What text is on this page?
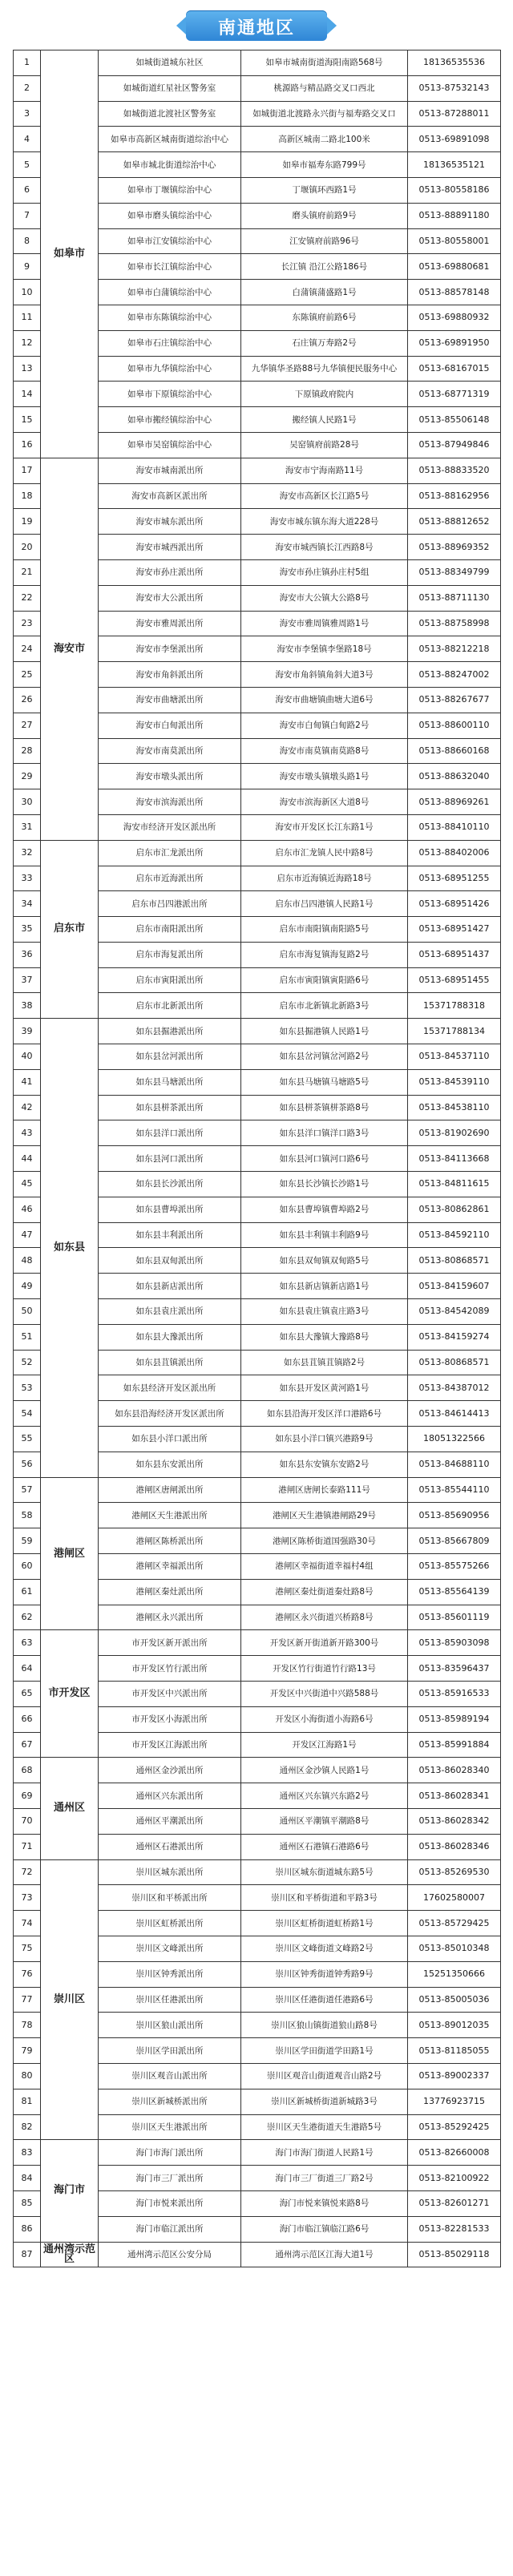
南通地区
1	如皋市	如城街道城东社区	如皋市城南街道海阳南路568号	18136535536
2		如城街道红星社区警务室	桃源路与精品路交叉口西北	0513-87532143
3		如城街道北渡社区警务室	如城街道北渡路永兴街与福寿路交叉口	0513-87288011
4		如皋市高新区城南街道综治中心	高新区城南二路北100米	0513-69891098
5		如皋市城北街道综治中心	如皋市福寿东路799号	18136535121
6		如皋市丁堰镇综治中心	丁堰镇环西路1号	0513-80558186
7		如皋市磨头镇综治中心	磨头镇府前路9号	0513-88891180
8		如皋市江安镇综治中心	江安镇府前路96号	0513-80558001
9		如皋市长江镇综治中心	长江镇 沿江公路186号	0513-69880681
10		如皋市白蒲镇综治中心	白蒲镇蒲盛路1号	0513-88578148
11		如皋市东陈镇综治中心	东陈镇府前路6号	0513-69880932
12		如皋市石庄镇综治中心	石庄镇万寿路2号	0513-69891950
13		如皋市九华镇综治中心	九华镇华圣路88号九华镇便民服务中心	0513-68167015
14		如皋市下原镇综治中心	下原镇政府院内	0513-68771319
15		如皋市搬经镇综治中心	搬经镇人民路1号	0513-85506148
16		如皋市吴窑镇综治中心	吴窑镇府前路28号	0513-87949846
17	海安市	海安市城南派出所	海安市宁海南路11号	0513-88833520
18		海安市高新区派出所	海安市高新区长江路5号	0513-88162956
19		海安市城东派出所	海安市城东镇东海大道228号	0513-88812652
20		海安市城西派出所	海安市城西镇长江西路8号	0513-88969352
21		海安市孙庄派出所	海安市孙庄镇孙庄村5组	0513-88349799
22		海安市大公派出所	海安市大公镇大公路8号	0513-88711130
23		海安市雅周派出所	海安市雅周镇雅周路1号	0513-88758998
24		海安市李堡派出所	海安市李堡镇李堡路18号	0513-88212218
25		海安市角斜派出所	海安市角斜镇角斜大道3号	0513-88247002
26		海安市曲塘派出所	海安市曲塘镇曲塘大道6号	0513-88267677
27		海安市白甸派出所	海安市白甸镇白甸路2号	0513-88600110
28		海安市南莫派出所	海安市南莫镇南莫路8号	0513-88660168
29		海安市墩头派出所	海安市墩头镇墩头路1号	0513-88632040
30		海安市滨海派出所	海安市滨海新区大道8号	0513-88969261
31		海安市经济开发区派出所	海安市开发区长江东路1号	0513-88410110
32	启东市	启东市汇龙派出所	启东市汇龙镇人民中路8号	0513-88402006
33		启东市近海派出所	启东市近海镇近海路18号	0513-68951255
34		启东市吕四港派出所	启东市吕四港镇人民路1号	0513-68951426
35		启东市南阳派出所	启东市南阳镇南阳路5号	0513-68951427
36		启东市海复派出所	启东市海复镇海复路2号	0513-68951437
37		启东市寅阳派出所	启东市寅阳镇寅阳路6号	0513-68951455
38		启东市北新派出所	启东市北新镇北新路3号	15371788318
39	如东县	如东县掘港派出所	如东县掘港镇人民路1号	15371788134
40		如东县岔河派出所	如东县岔河镇岔河路2号	0513-84537110
41		如东县马塘派出所	如东县马塘镇马塘路5号	0513-84539110
42		如东县栟茶派出所	如东县栟茶镇栟茶路8号	0513-84538110
43		如东县洋口派出所	如东县洋口镇洋口路3号	0513-81902690
44		如东县河口派出所	如东县河口镇河口路6号	0513-84113668
45		如东县长沙派出所	如东县长沙镇长沙路1号	0513-84811615
46		如东县曹埠派出所	如东县曹埠镇曹埠路2号	0513-80862861
47		如东县丰利派出所	如东县丰利镇丰利路9号	0513-84592110
48		如东县双甸派出所	如东县双甸镇双甸路5号	0513-80868571
49		如东县新店派出所	如东县新店镇新店路1号	0513-84159607
50		如东县袁庄派出所	如东县袁庄镇袁庄路3号	0513-84542089
51		如东县大豫派出所	如东县大豫镇大豫路8号	0513-84159274
52		如东县苴镇派出所	如东县苴镇苴镇路2号	0513-80868571
53		如东县经济开发区派出所	如东县开发区黄河路1号	0513-84387012
54		如东县沿海经济开发区派出所	如东县沿海开发区洋口港路6号	0513-84614413
55		如东县小洋口派出所	如东县小洋口镇兴港路9号	18051322566
56		如东县东安派出所	如东县东安镇东安路2号	0513-84688110
57	港闸区	港闸区唐闸派出所	港闸区唐闸长泰路111号	0513-85544110
58		港闸区天生港派出所	港闸区天生港镇港闸路29号	0513-85690956
59		港闸区陈桥派出所	港闸区陈桥街道国强路30号	0513-85667809
60		港闸区幸福派出所	港闸区幸福街道幸福村4组	0513-85575266
61		港闸区秦灶派出所	港闸区秦灶街道秦灶路8号	0513-85564139
62		港闸区永兴派出所	港闸区永兴街道兴桥路8号	0513-85601119
63	市开发区	市开发区新开派出所	开发区新开街道新开路300号	0513-85903098
64		市开发区竹行派出所	开发区竹行街道竹行路13号	0513-83596437
65		市开发区中兴派出所	开发区中兴街道中兴路588号	0513-85916533
66		市开发区小海派出所	开发区小海街道小海路6号	0513-85989194
67		市开发区江海派出所	开发区江海路1号	0513-85991884
68	通州区	通州区金沙派出所	通州区金沙镇人民路1号	0513-86028340
69		通州区兴东派出所	通州区兴东镇兴东路2号	0513-86028341
70		通州区平潮派出所	通州区平潮镇平潮路8号	0513-86028342
71		通州区石港派出所	通州区石港镇石港路6号	0513-86028346
72	崇川区	崇川区城东派出所	崇川区城东街道城东路5号	0513-85269530
73		崇川区和平桥派出所	崇川区和平桥街道和平路3号	17602580007
74		崇川区虹桥派出所	崇川区虹桥街道虹桥路1号	0513-85729425
75		崇川区文峰派出所	崇川区文峰街道文峰路2号	0513-85010348
76		崇川区钟秀派出所	崇川区钟秀街道钟秀路9号	15251350666
77		崇川区任港派出所	崇川区任港街道任港路6号	0513-85005036
78		崇川区狼山派出所	崇川区狼山镇街道狼山路8号	0513-89012035
79		崇川区学田派出所	崇川区学田街道学田路1号	0513-81185055
80		崇川区观音山派出所	崇川区观音山街道观音山路2号	0513-89002337
81		崇川区新城桥派出所	崇川区新城桥街道新城路3号	13776923715
82		崇川区天生港派出所	崇川区天生港街道天生港路5号	0513-85292425
83	海门市	海门市海门派出所	海门市海门街道人民路1号	0513-82660008
84		海门市三厂派出所	海门市三厂街道三厂路2号	0513-82100922
85		海门市悦来派出所	海门市悦来镇悦来路8号	0513-82601271
86		海门市临江派出所	海门市临江镇临江路6号	0513-82281533
87	通州湾示范区	通州湾示范区公安分局	通州湾示范区江海大道1号	0513-85029118
